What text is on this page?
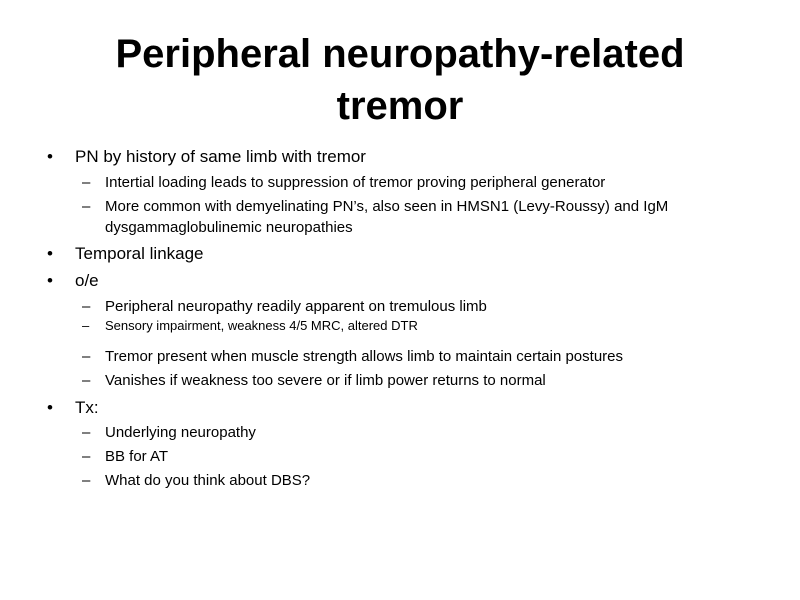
Peripheral neuropathy-related
tremor

• PN by history of same limb with tremor

– Intertial loading leads to suppression of tremor proving peripheral generator

– More common with demyelinating PN’s, also seen in HMSN1 (Levy-Roussy) and IgM dysgammaglobulinemic neuropathies

• Temporal linkage

• o/e

– Peripheral neuropathy readily apparent on tremulous limb

– Sensory impairment, weakness 4/5 MRC, altered DTR

– Tremor present when muscle strength allows limb to maintain certain postures

– Vanishes if weakness too severe or if limb power returns to normal

• Tx:

– Underlying neuropathy

– BB for AT

– What do you think about DBS?
